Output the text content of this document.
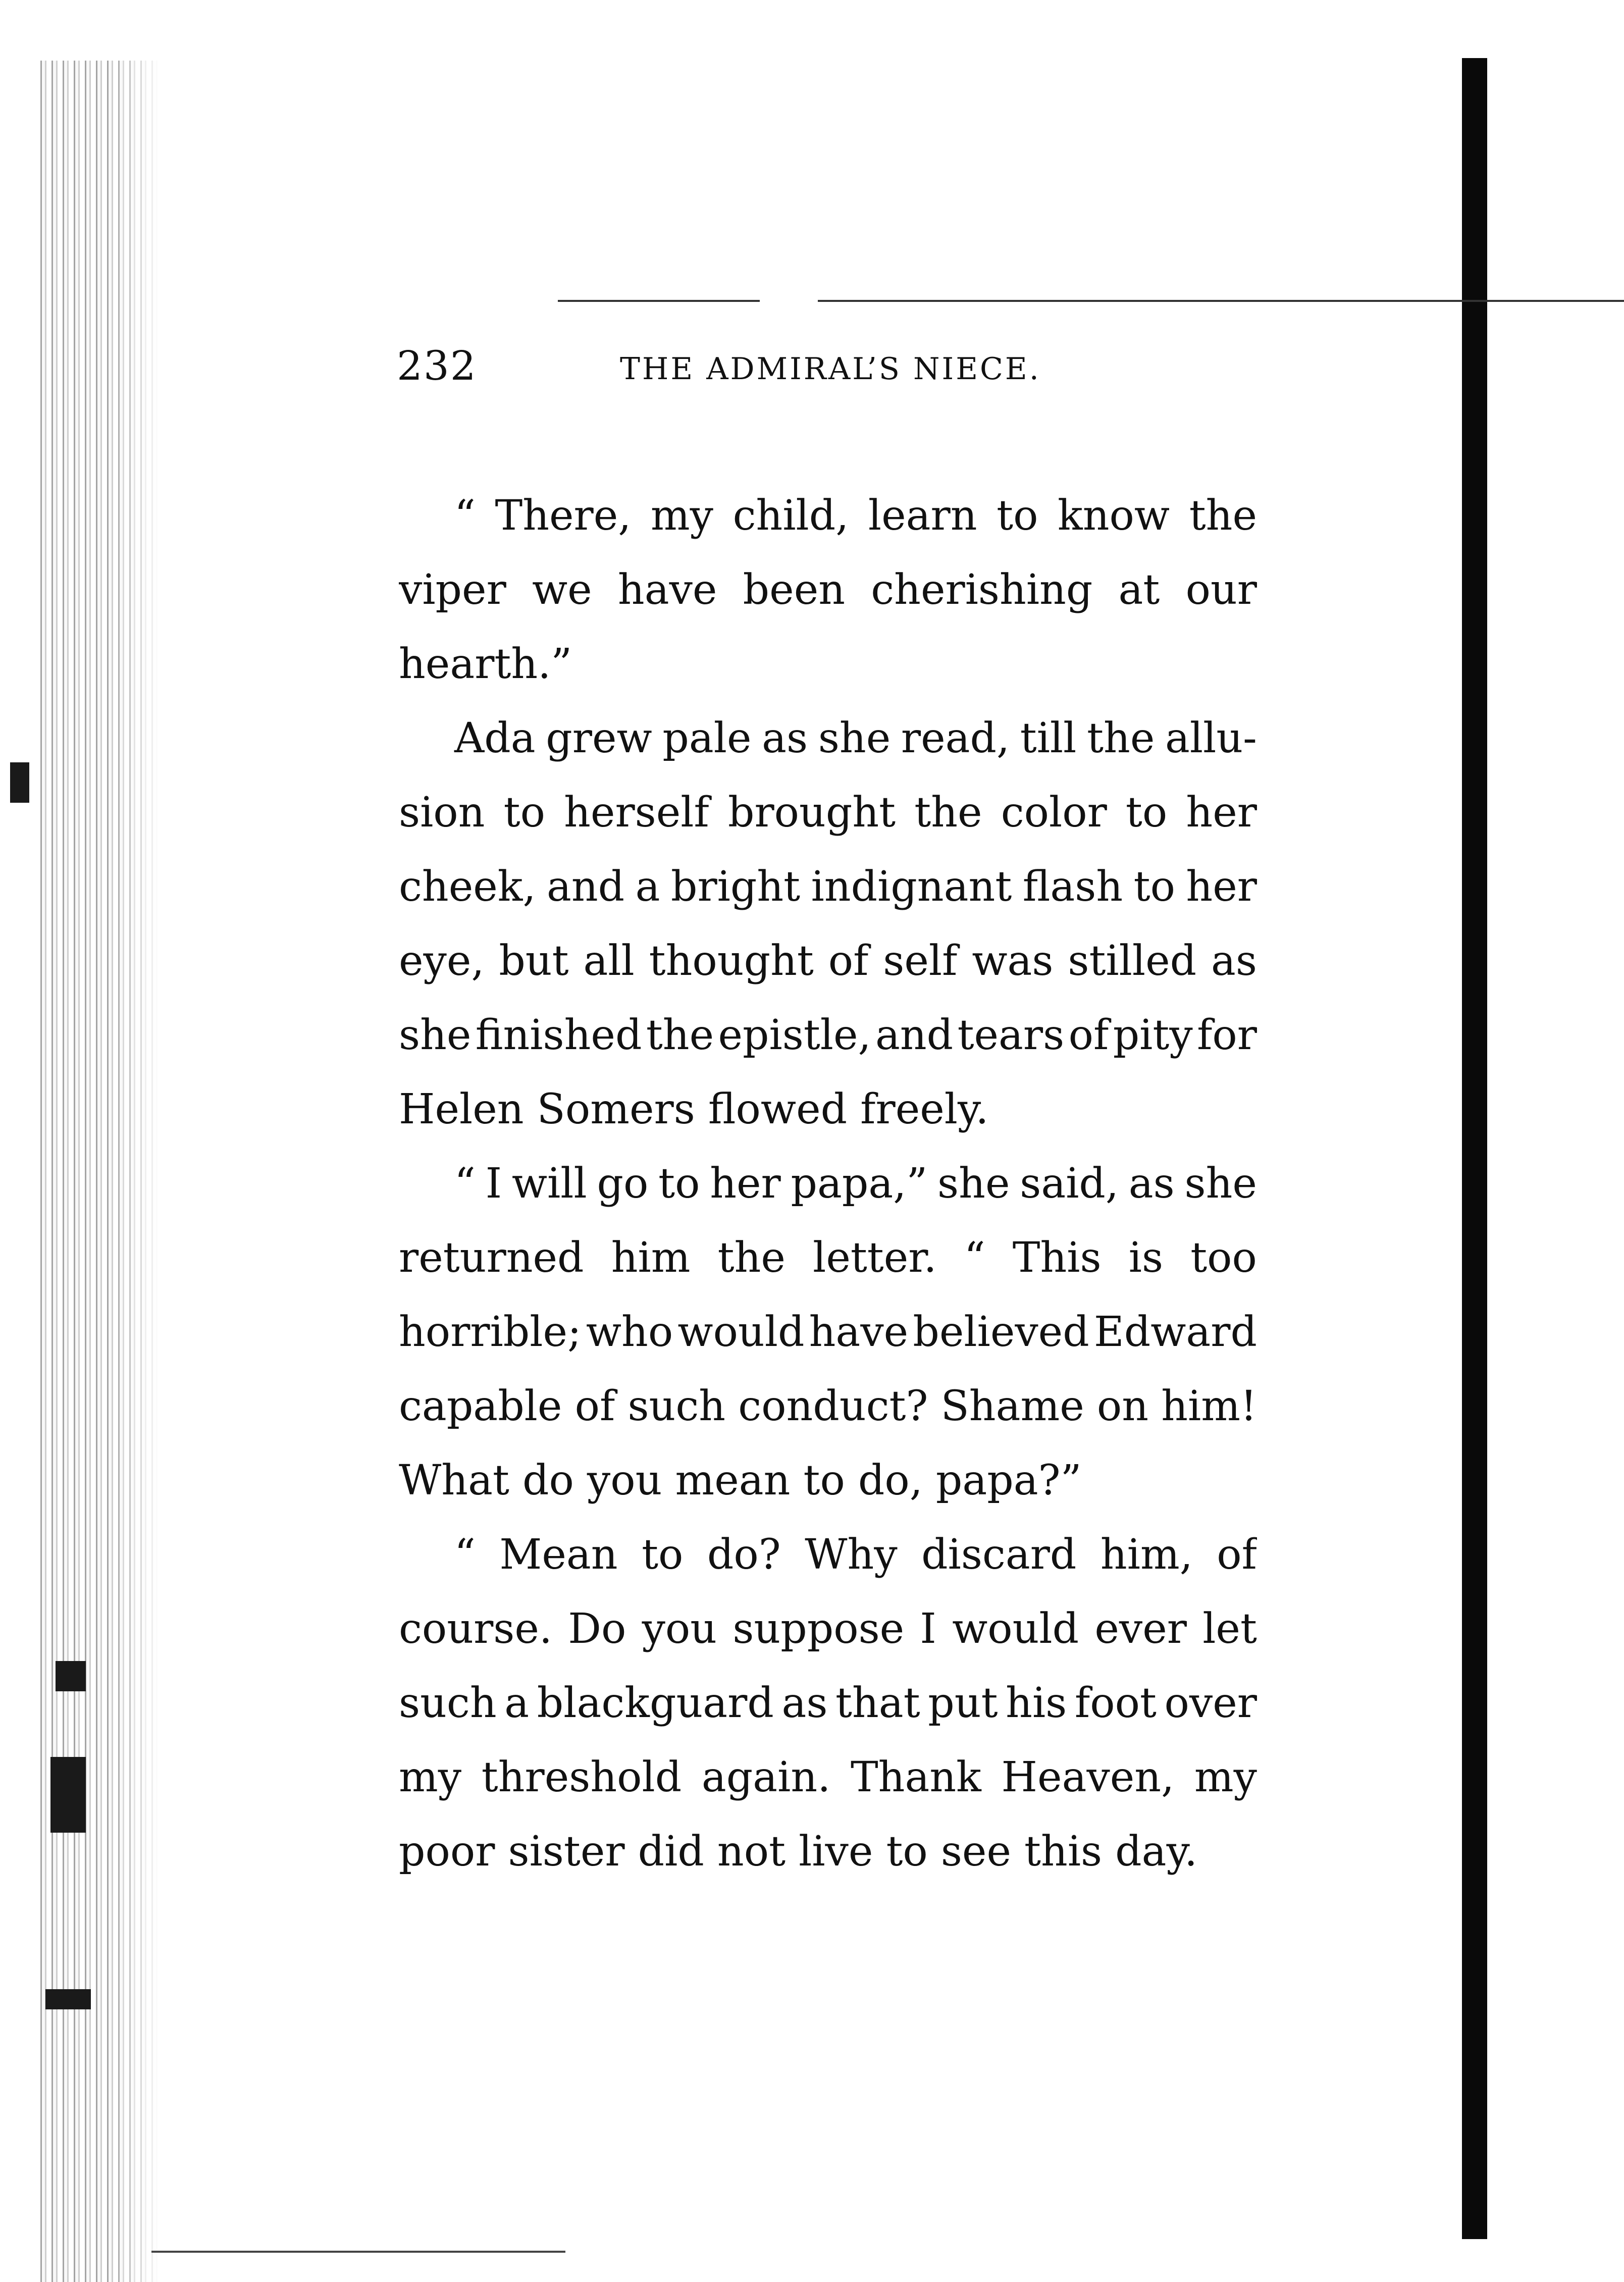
232	THE ADMIRAL’S NIECE.
“ There, my child, learn to know the
viper we have been cherishing at our
hearth.”
Ada grew pale as she read, till the allu-
sion to herself brought the color to her
cheek, and a bright indignant flash to her
eye, but all thought of self was stilled as
she finished the epistle, and tears of pity for
Helen Somers flowed freely.
“ I will go to her papa,” she said, as she
returned him the letter. “ This is too
horrible; who would have believed Edward
capable of such conduct? Shame on him!
What do you mean to do, papa?”
“ Mean to do? Why discard him, of
course. Do you suppose I would ever let
such a blackguard as that put his foot over
my threshold again. Thank Heaven, my
poor sister did not live to see this day.
